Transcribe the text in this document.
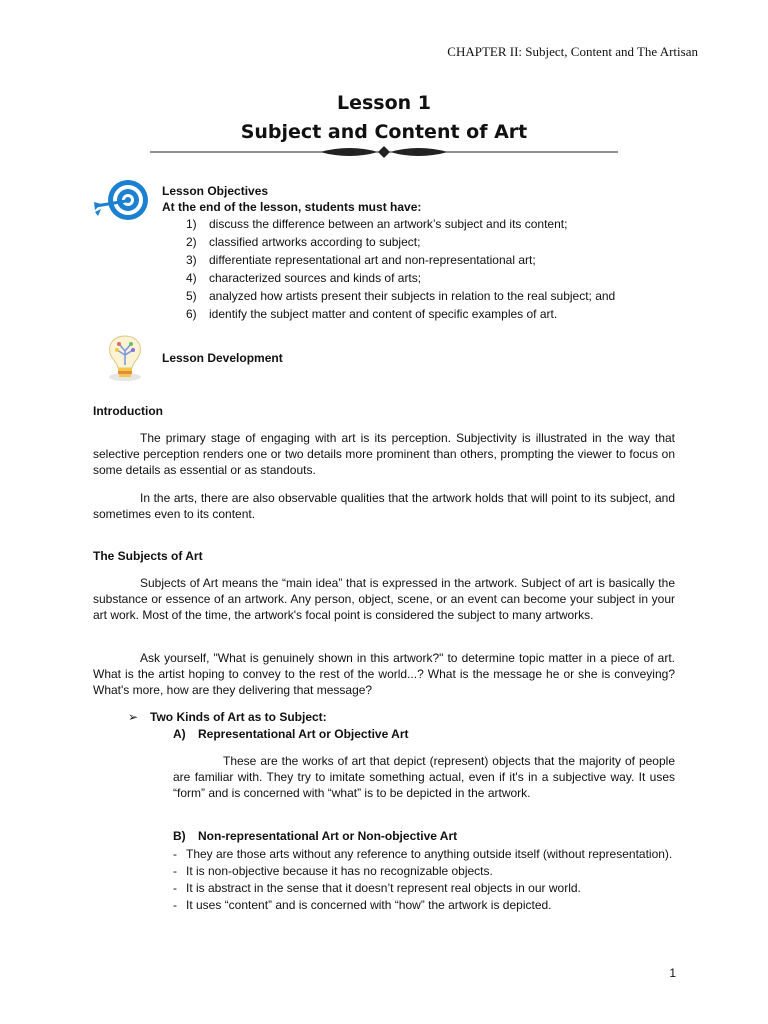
CHAPTER II: Subject, Content and The Artisan
Lesson 1
Subject and Content of Art
Lesson Objectives
At the end of the lesson, students must have:
1) discuss the difference between an artwork’s subject and its content;
2) classified artworks according to subject;
3) differentiate representational art and non-representational art;
4) characterized sources and kinds of arts;
5) analyzed how artists present their subjects in relation to the real subject; and
6) identify the subject matter and content of specific examples of art.
Lesson Development
Introduction
The primary stage of engaging with art is its perception. Subjectivity is illustrated in the way that selective perception renders one or two details more prominent than others, prompting the viewer to focus on some details as essential or as standouts.
In the arts, there are also observable qualities that the artwork holds that will point to its subject, and sometimes even to its content.
The Subjects of Art
Subjects of Art means the “main idea” that is expressed in the artwork. Subject of art is basically the substance or essence of an artwork. Any person, object, scene, or an event can become your subject in your art work. Most of the time, the artwork's focal point is considered the subject to many artworks.
Ask yourself, "What is genuinely shown in this artwork?" to determine topic matter in a piece of art. What is the artist hoping to convey to the rest of the world...? What is the message he or she is conveying? What's more, how are they delivering that message?
➢ Two Kinds of Art as to Subject:
A) Representational Art or Objective Art
These are the works of art that depict (represent) objects that the majority of people are familiar with. They try to imitate something actual, even if it's in a subjective way. It uses “form” and is concerned with “what” is to be depicted in the artwork.
B) Non-representational Art or Non-objective Art
- They are those arts without any reference to anything outside itself (without representation).
- It is non-objective because it has no recognizable objects.
- It is abstract in the sense that it doesn’t represent real objects in our world.
- It uses “content” and is concerned with “how” the artwork is depicted.
1
